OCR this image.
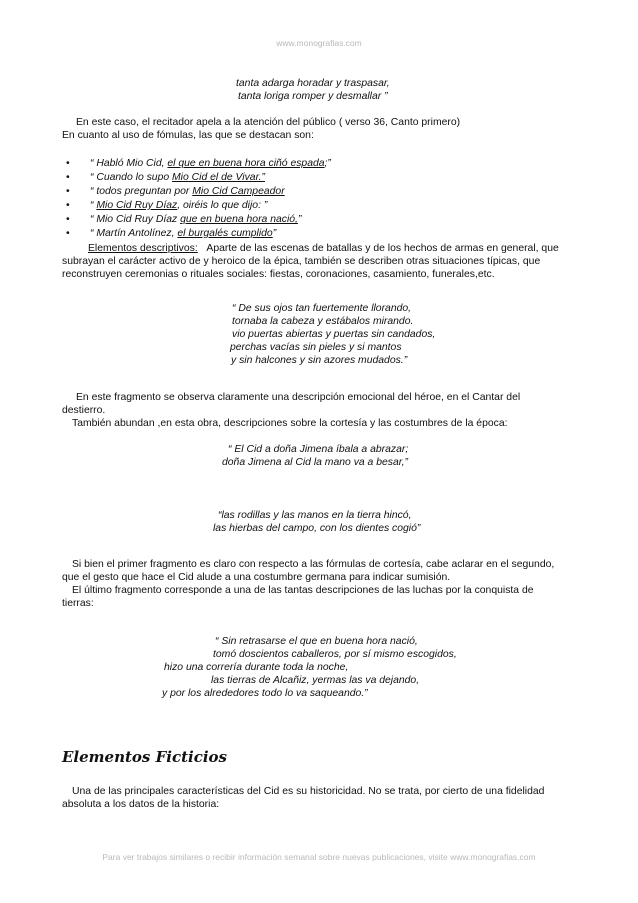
www.monografias.com
tanta adarga horadar y traspasar,
tanta loriga romper y desmallar ”
En este caso, el recitador apela a la atención del público ( verso 36, Canto primero)
En cuanto al uso de fómulas, las que se destacan son:
• “ Habló Mio Cid, el que en buena hora ciñó espada;”
• “ Cuando lo supo Mio Cid el de Vivar.”
• “ todos preguntan por Mio Cid Campeador
• “ Mio Cid Ruy Díaz, oiréis lo que dijo: ”
• “ Mio Cid Ruy Díaz que en buena hora nació,”
• “ Martín Antolínez, el burgalés cumplido”
Elementos descriptivos: Aparte de las escenas de batallas y de los hechos de armas en general, que
subrayan el carácter activo de y heroico de la épica, también se describen otras situaciones típicas, que
reconstruyen ceremonias o rituales sociales: fiestas, coronaciones, casamiento, funerales,etc.
“ De sus ojos tan fuertemente llorando,
tornaba la cabeza y estábalos mirando.
vio puertas abiertas y puertas sin candados,
perchas vacías sin pieles y si mantos
y sin halcones y sin azores mudados.”
En este fragmento se observa claramente una descripción emocional del héroe, en el Cantar del
destierro.
También abundan ,en esta obra, descripciones sobre la cortesía y las costumbres de la época:
“ El Cid a doña Jimena íbala a abrazar;
doña Jimena al Cid la mano va a besar,”
“las rodillas y las manos en la tierra hincó,
las hierbas del campo, con los dientes cogió”
Si bien el primer fragmento es claro con respecto a las fórmulas de cortesía, cabe aclarar en el segundo,
que el gesto que hace el Cid alude a una costumbre germana para indicar sumisión.
El último fragmento corresponde a una de las tantas descripciones de las luchas por la conquista de
tierras:
“ Sin retrasarse el que en buena hora nació,
tomó doscientos caballeros, por sí mismo escogidos,
hizo una correría durante toda la noche,
las tierras de Alcañiz, yermas las va dejando,
y por los alrededores todo lo va saqueando.”
Elementos Ficticios
Una de las principales características del Cid es su historicidad. No se trata, por cierto de una fidelidad
absoluta a los datos de la historia:
Para ver trabajos similares o recibir información semanal sobre nuevas publicaciones, visite www.monografias.com
